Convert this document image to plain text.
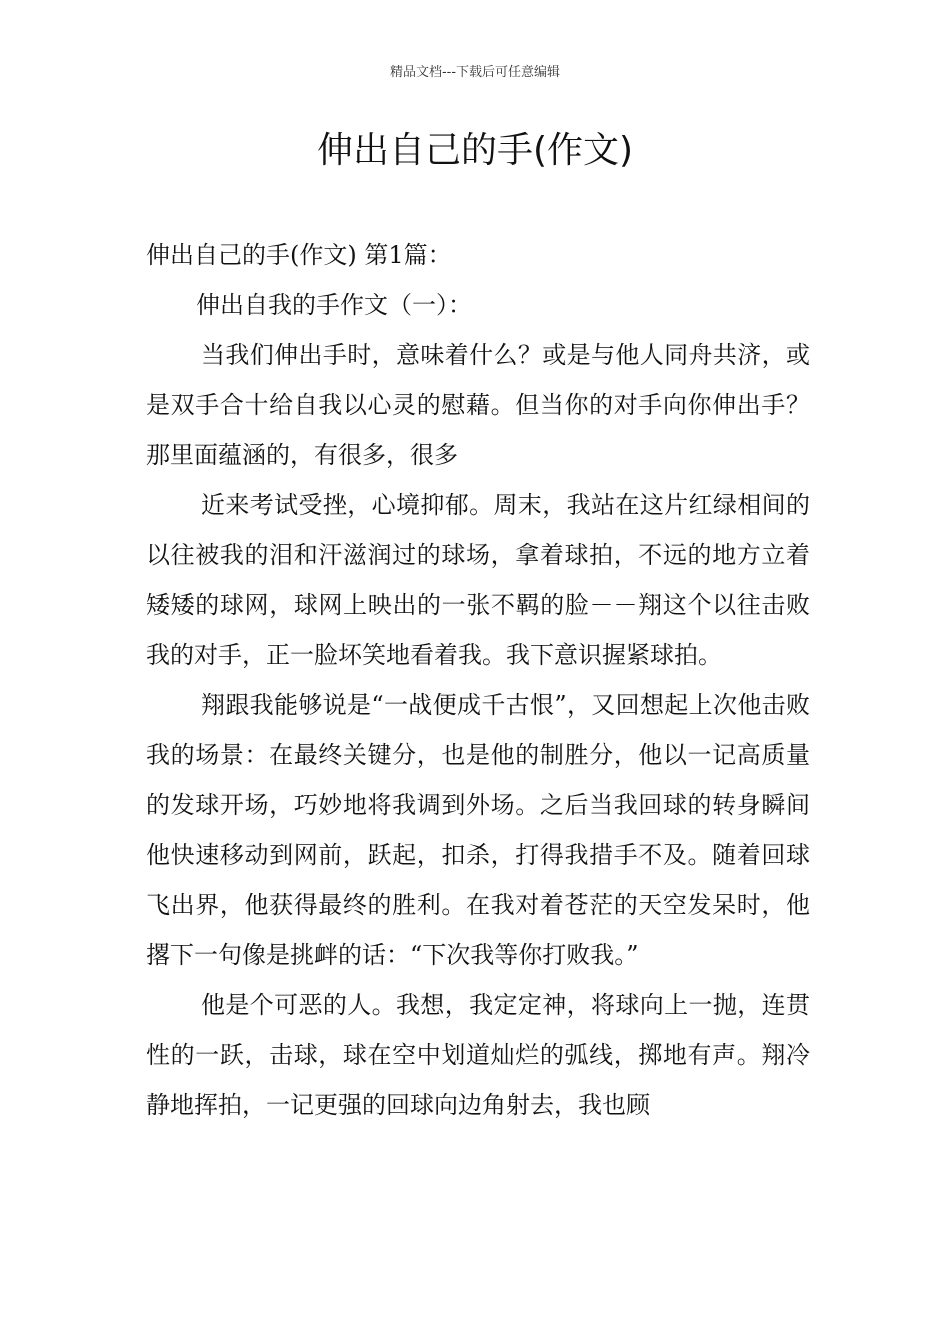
精品文档---下载后可任意编辑
伸出自己的手(作文)

伸出自己的手(作文) 第1篇：

伸出自我的手作文（一）：

当我们伸出手时，意味着什么？或是与他人同舟共济，或是双手合十给自我以心灵的慰藉。但当你的对手向你伸出手？那里面蕴涵的，有很多，很多

近来考试受挫，心境抑郁。周末，我站在这片红绿相间的以往被我的泪和汗滋润过的球场，拿着球拍，不远的地方立着矮矮的球网，球网上映出的一张不羁的脸－－翔这个以往击败我的对手，正一脸坏笑地看着我。我下意识握紧球拍。

翔跟我能够说是“一战便成千古恨”，又回想起上次他击败我的场景：在最终关键分，也是他的制胜分，他以一记高质量的发球开场，巧妙地将我调到外场。之后当我回球的转身瞬间他快速移动到网前，跃起，扣杀，打得我措手不及。随着回球飞出界，他获得最终的胜利。在我对着苍茫的天空发呆时，他撂下一句像是挑衅的话：“下次我等你打败我。”

他是个可恶的人。我想，我定定神，将球向上一抛，连贯性的一跃，击球，球在空中划道灿烂的弧线，掷地有声。翔冷静地挥拍，一记更强的回球向边角射去，我也顾
